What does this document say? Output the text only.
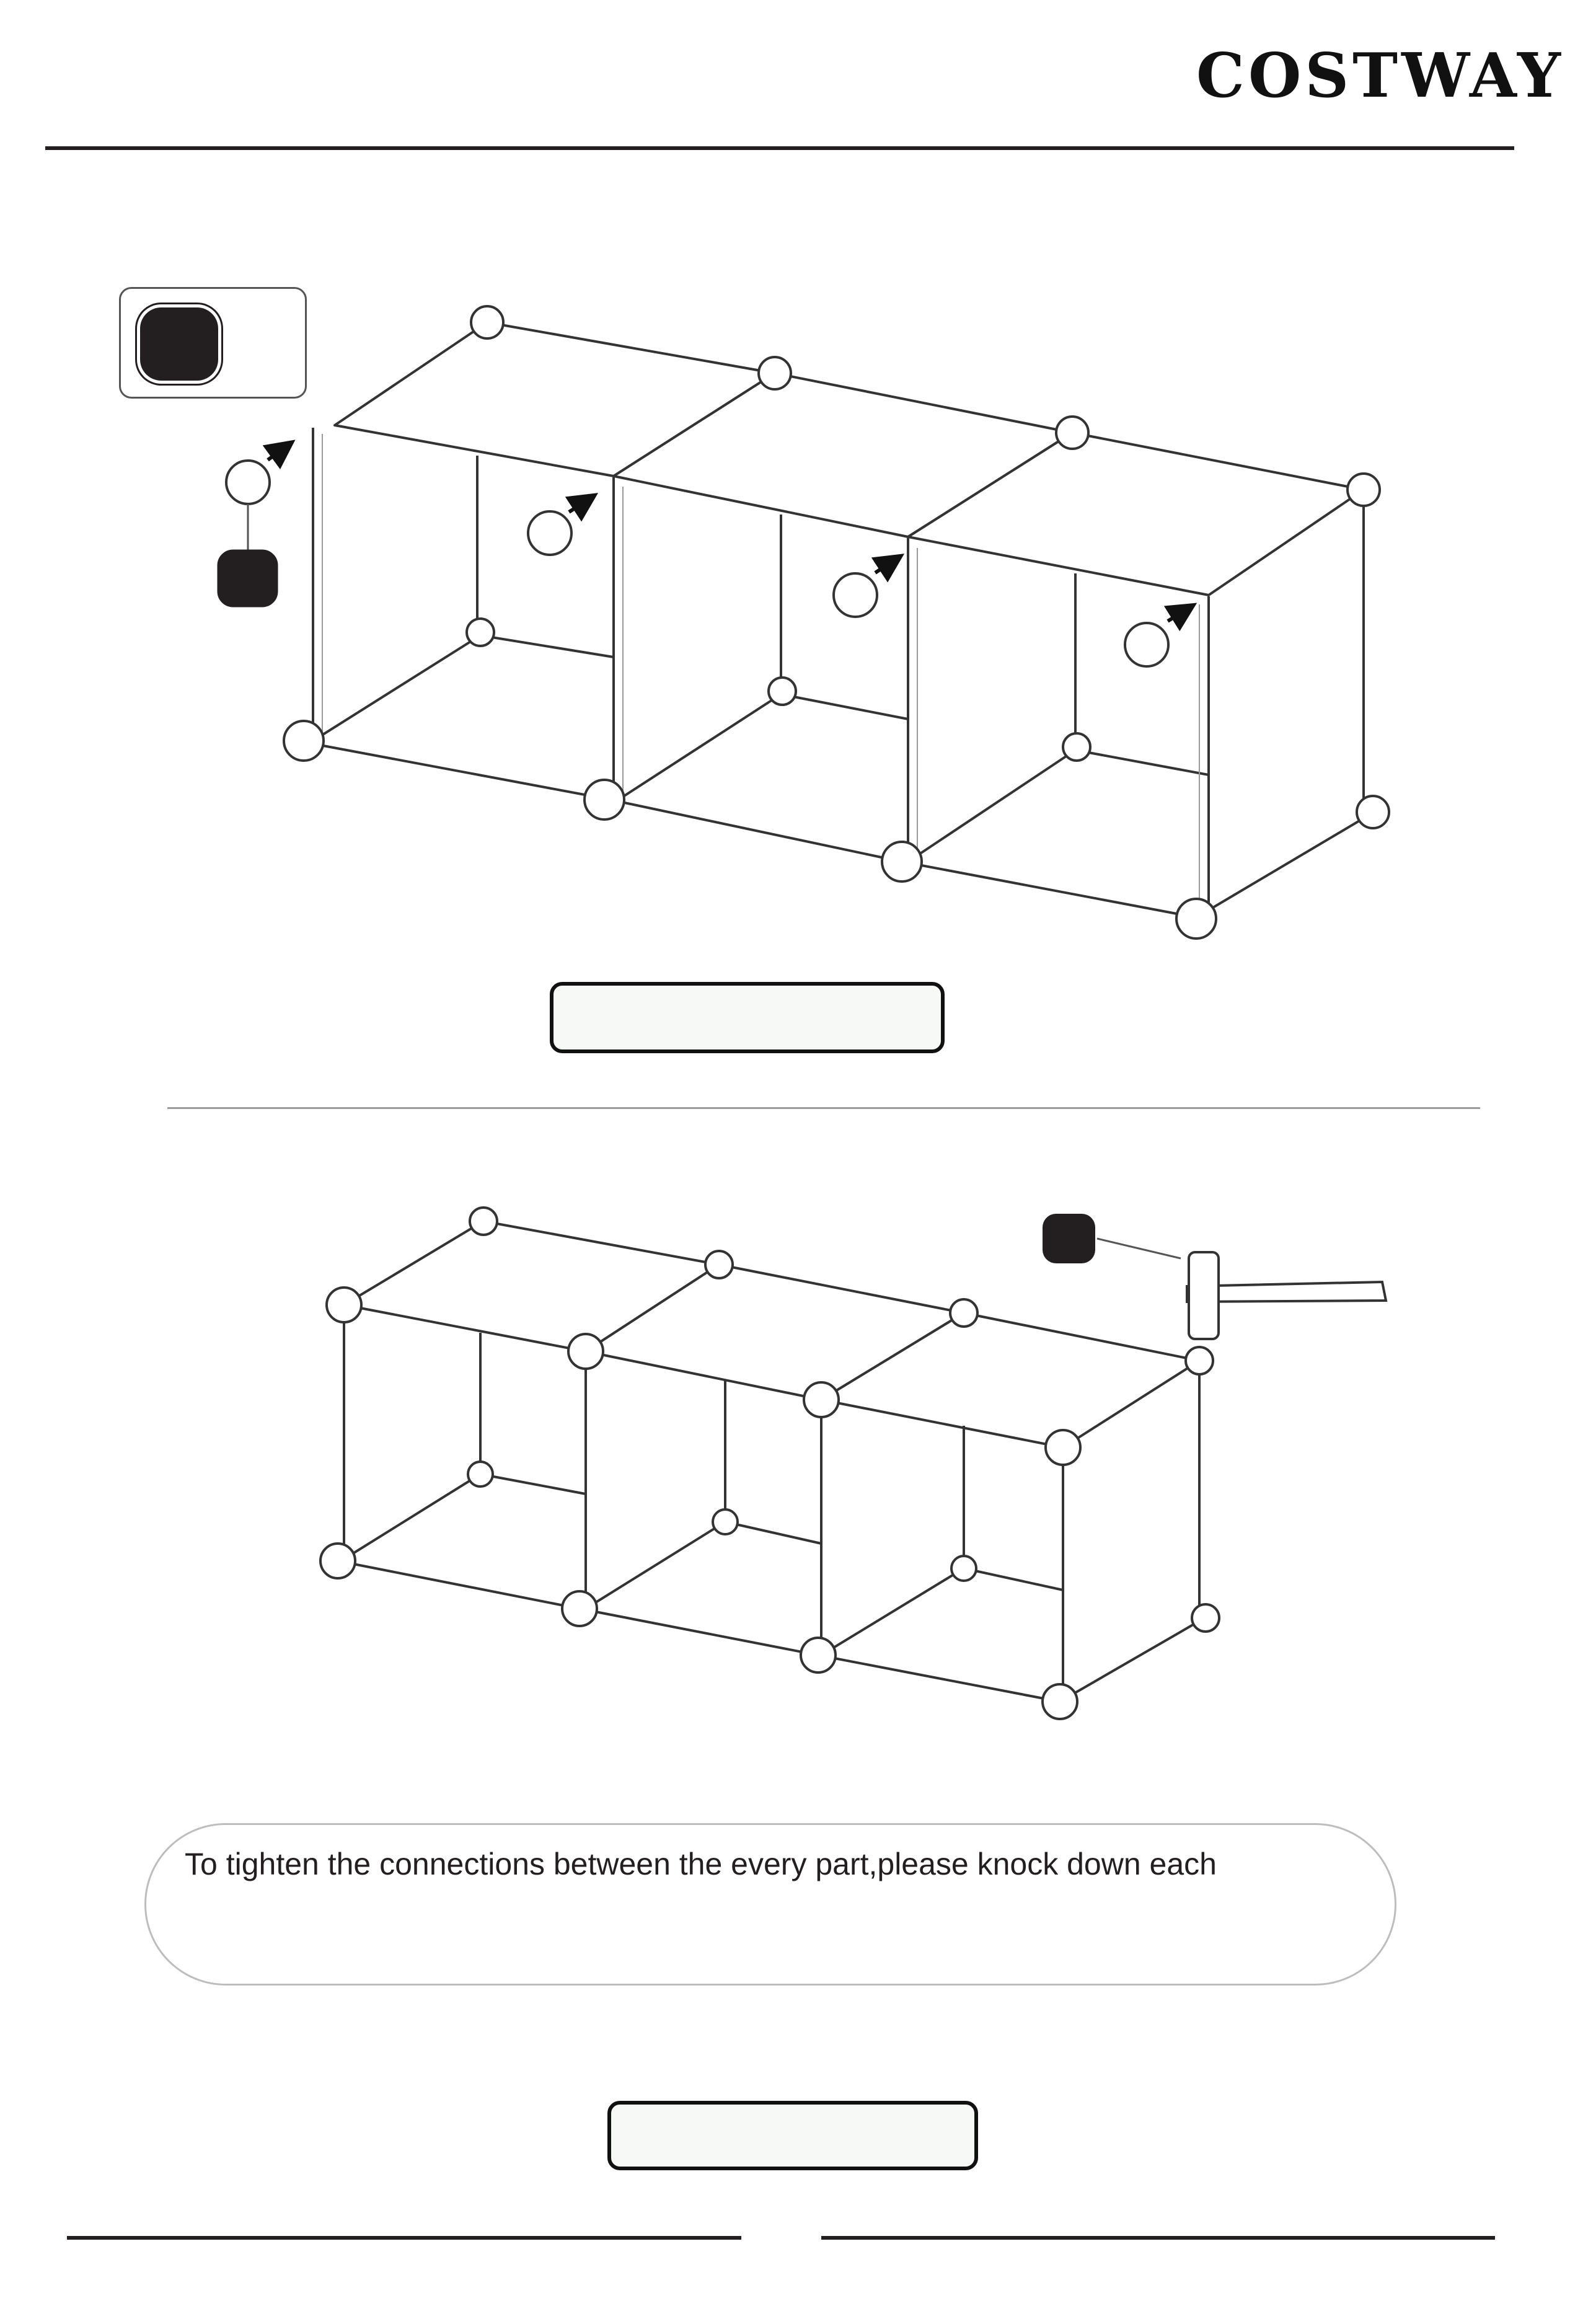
COSTWAY
To tighten the connections between the every part,please knock down each
